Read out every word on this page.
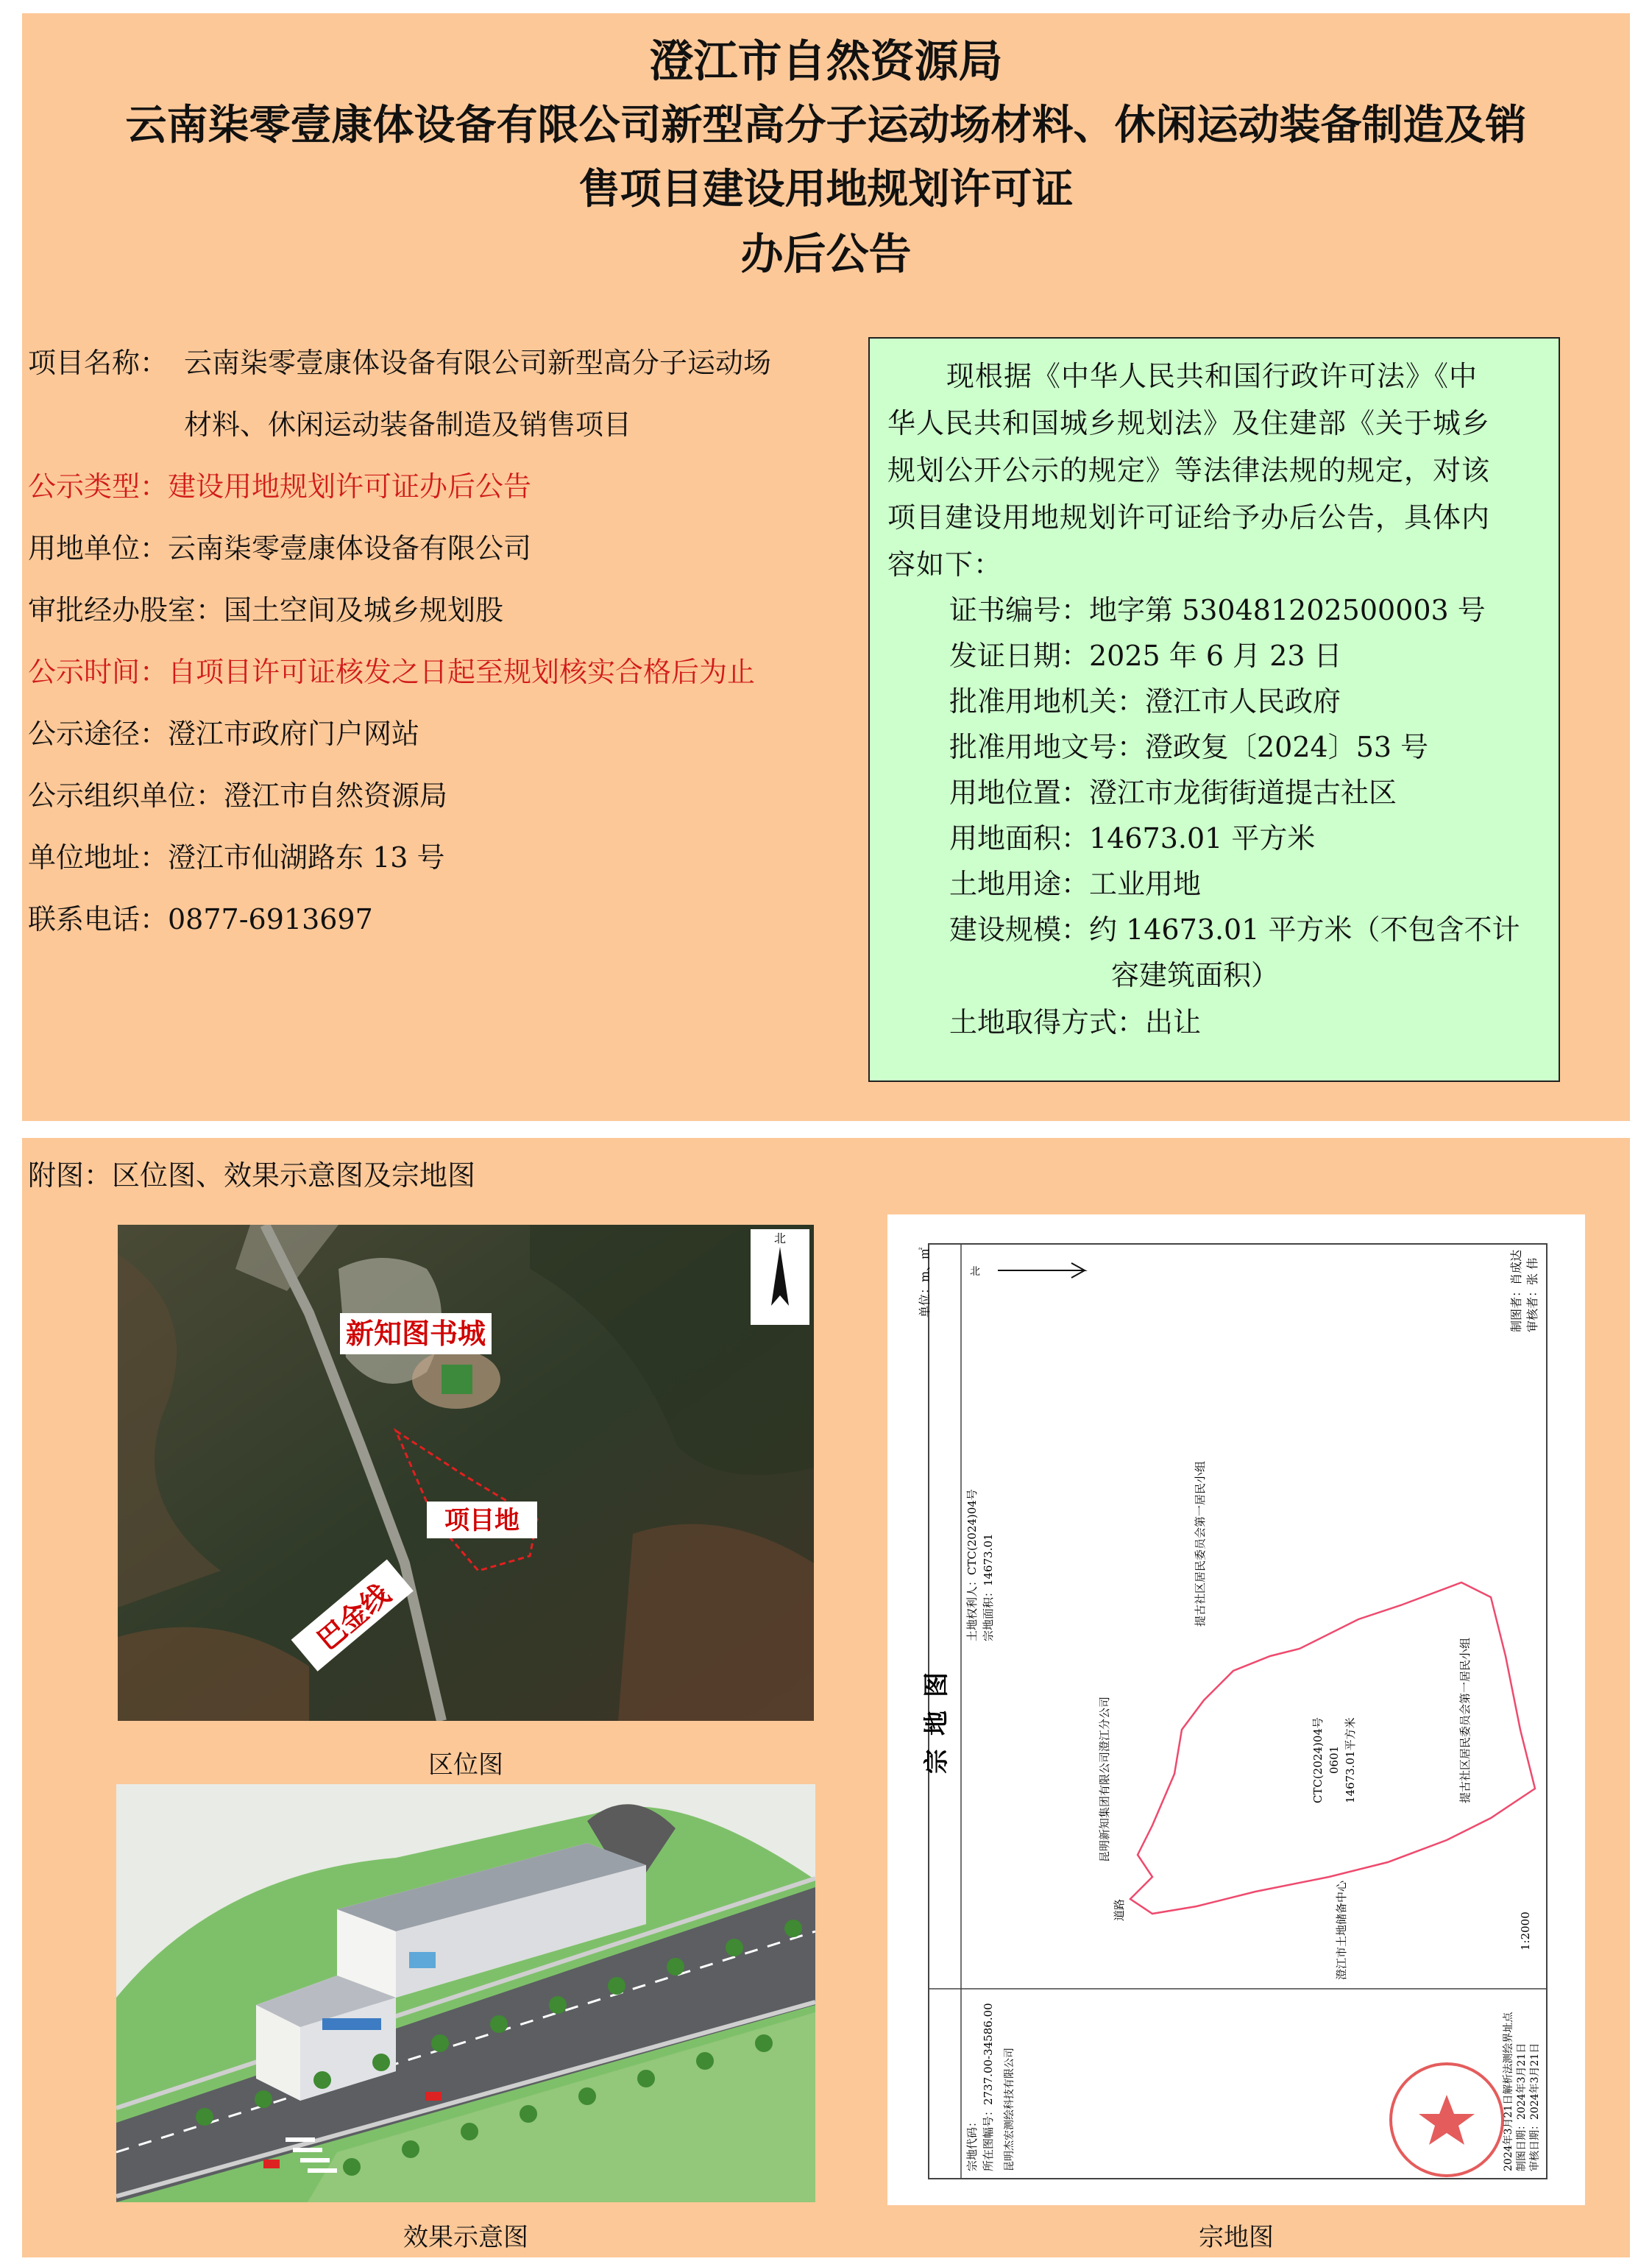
澄江市自然资源局
云南柒零壹康体设备有限公司新型高分子运动场材料、休闲运动装备制造及销
售项目建设用地规划许可证
办后公告
项目名称： 云南柒零壹康体设备有限公司新型高分子运动场
材料、休闲运动装备制造及销售项目
公示类型：建设用地规划许可证办后公告
用地单位：云南柒零壹康体设备有限公司
审批经办股室：国土空间及城乡规划股
公示时间：自项目许可证核发之日起至规划核实合格后为止
公示途径：澄江市政府门户网站
公示组织单位：澄江市自然资源局
单位地址：澄江市仙湖路东 13 号
联系电话：0877-6913697
现根据《中华人民共和国行政许可法》《中
华人民共和国城乡规划法》及住建部《关于城乡
规划公开公示的规定》等法律法规的规定，对该
项目建设用地规划许可证给予办后公告，具体内
容如下：
证书编号：地字第 530481202500003 号
发证日期：2025 年 6 月 23 日
批准用地机关：澄江市人民政府
批准用地文号：澄政复〔2024〕53 号
用地位置：澄江市龙街街道提古社区
用地面积：14673.01 平方米
土地用途：工业用地
建设规模：约 14673.01 平方米（不包含不计
容建筑面积）
土地取得方式：出让
附图：区位图、效果示意图及宗地图
北
新知图书城
项目地
巴金线
区位图
效果示意图
北
宗地图
单位：m、㎡	制图者：肖成达 审核者：张 伟
土地权利人：CTC(2024)04号 宗地面积：14673.01
宗地代码： 所在图幅号：2737.00-34586.00
昆明新知集团有限公司澄江分公司
道路
提古社区居民委员会第一居民小组
提古社区居民委员会第一居民小组
CTC(2024)04号 0601 14673.01平方米
澄江市土地储备中心	1:2000
2024年3月21日解析法测绘界址点 制图日期：2024年3月21日 审核日期：2024年3月21日
昆明杰宏测绘科技有限公司
宗地图
